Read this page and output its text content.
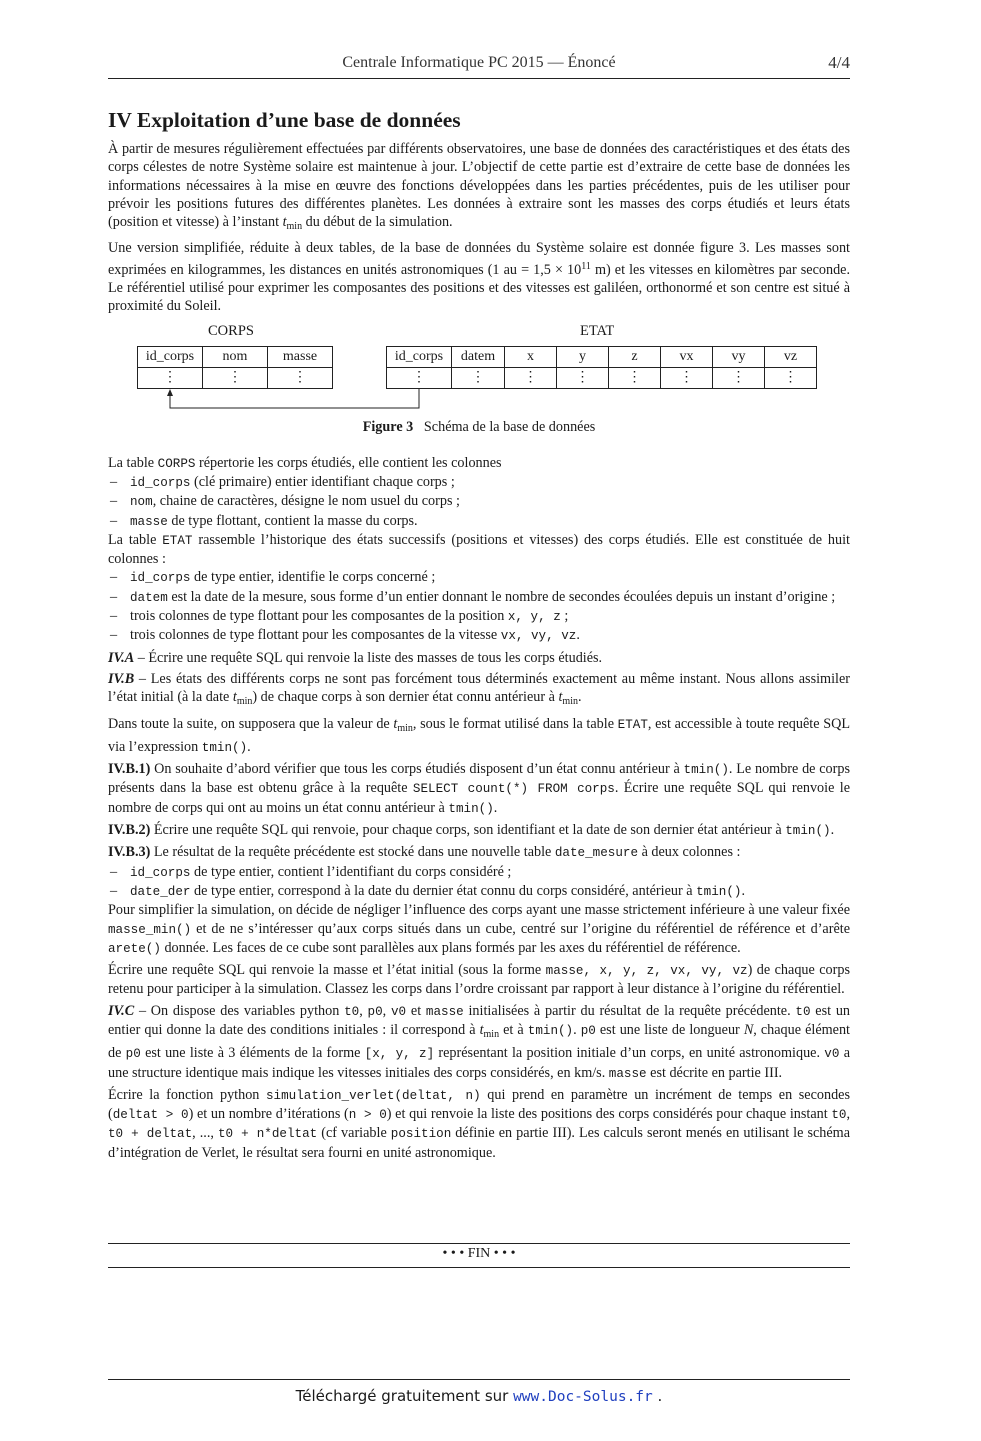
Centrale Informatique PC 2015 — Énoncé	4/4
IV Exploitation d’une base de données

À partir de mesures régulièrement effectuées par différents observatoires, une base de données des caractéristiques et des états des corps célestes de notre Système solaire est maintenue à jour. L’objectif de cette partie est d’extraire de cette base de données les informations nécessaires à la mise en œuvre des fonctions développées dans les parties précédentes, puis de les utiliser pour prévoir les positions futures des différentes planètes. Les données à extraire sont les masses des corps étudiés et leurs états (position et vitesse) à l’instant $t_{min}$ du début de la simulation.

Une version simplifiée, réduite à deux tables, de la base de données du Système solaire est donnée figure 3. Les masses sont exprimées en kilogrammes, les distances en unités astronomiques (1 au = $1,5 \times 10^{11}$ m) et les vitesses en kilomètres par seconde. Le référentiel utilisé pour exprimer les composantes des positions et des vitesses est galiléen, orthonormé et son centre est situé à proximité du Soleil.

CORPS	ETAT
id_corps	nom	masse
⋮	⋮	⋮
id_corps	datem	x	y	z	vx	vy	vz
⋮	⋮	⋮	⋮	⋮	⋮	⋮	⋮
Figure 3 Schéma de la base de données

La table CORPS répertorie les corps étudiés, elle contient les colonnes

– id_corps (clé primaire) entier identifiant chaque corps ;
– nom, chaine de caractères, désigne le nom usuel du corps ;
– masse de type flottant, contient la masse du corps.

La table ETAT rassemble l’historique des états successifs (positions et vitesses) des corps étudiés. Elle est constituée de huit colonnes :

– id_corps de type entier, identifie le corps concerné ;
– datem est la date de la mesure, sous forme d’un entier donnant le nombre de secondes écoulées depuis un instant d’origine ;
– trois colonnes de type flottant pour les composantes de la position x, y, z ;
– trois colonnes de type flottant pour les composantes de la vitesse vx, vy, vz.

IV.A – Écrire une requête SQL qui renvoie la liste des masses de tous les corps étudiés.

IV.B – Les états des différents corps ne sont pas forcément tous déterminés exactement au même instant. Nous allons assimiler l’état initial (à la date $t_{min}$) de chaque corps à son dernier état connu antérieur à $t_{min}$.

Dans toute la suite, on supposera que la valeur de $t_{min}$, sous le format utilisé dans la table ETAT, est accessible à toute requête SQL via l’expression tmin().

IV.B.1) On souhaite d’abord vérifier que tous les corps étudiés disposent d’un état connu antérieur à tmin(). Le nombre de corps présents dans la base est obtenu grâce à la requête SELECT count(*) FROM corps. Écrire une requête SQL qui renvoie le nombre de corps qui ont au moins un état connu antérieur à tmin().

IV.B.2) Écrire une requête SQL qui renvoie, pour chaque corps, son identifiant et la date de son dernier état antérieur à tmin().

IV.B.3) Le résultat de la requête précédente est stocké dans une nouvelle table date_mesure à deux colonnes :

– id_corps de type entier, contient l’identifiant du corps considéré ;
– date_der de type entier, correspond à la date du dernier état connu du corps considéré, antérieur à tmin().

Pour simplifier la simulation, on décide de négliger l’influence des corps ayant une masse strictement inférieure à une valeur fixée masse_min() et de ne s’intéresser qu’aux corps situés dans un cube, centré sur l’origine du référentiel de référence et d’arête arete() donnée. Les faces de ce cube sont parallèles aux plans formés par les axes du référentiel de référence.

Écrire une requête SQL qui renvoie la masse et l’état initial (sous la forme masse, x, y, z, vx, vy, vz) de chaque corps retenu pour participer à la simulation. Classez les corps dans l’ordre croissant par rapport à leur distance à l’origine du référentiel.

IV.C – On dispose des variables python t0, p0, v0 et masse initialisées à partir du résultat de la requête précédente. t0 est un entier qui donne la date des conditions initiales : il correspond à $t_{min}$ et à tmin(). p0 est une liste de longueur N, chaque élément de p0 est une liste à 3 éléments de la forme [x, y, z] représentant la position initiale d’un corps, en unité astronomique. v0 a une structure identique mais indique les vitesses initiales des corps considérés, en km/s. masse est décrite en partie III.

Écrire la fonction python simulation_verlet(deltat, n) qui prend en paramètre un incrément de temps en secondes (deltat > 0) et un nombre d’itérations (n > 0) et qui renvoie la liste des positions des corps considérés pour chaque instant t0, t0 + deltat, ..., t0 + n*deltat (cf variable position définie en partie III). Les calculs seront menés en utilisant le schéma d’intégration de Verlet, le résultat sera fourni en unité astronomique.

• • • FIN • • •
Téléchargé gratuitement sur www.Doc-Solus.fr .
